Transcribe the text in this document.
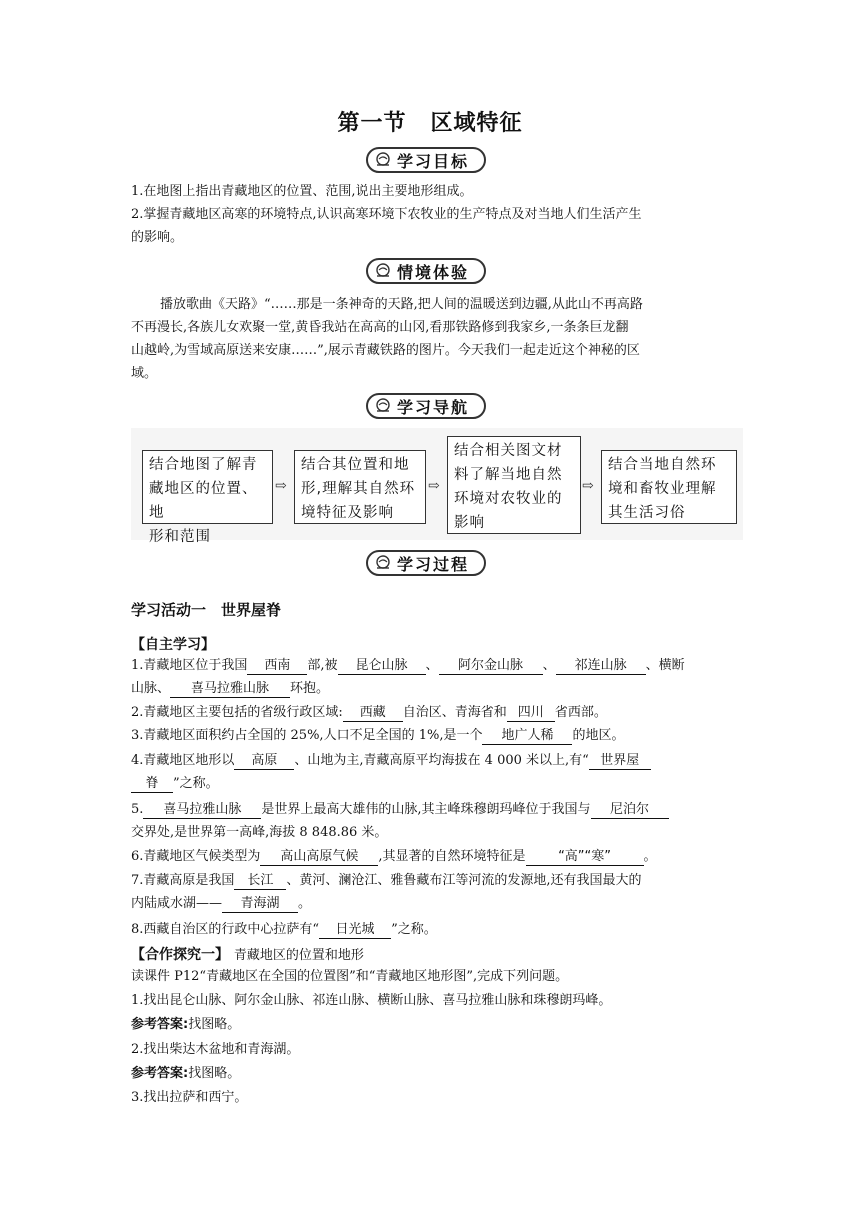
第一节 区域特征
学习目标
1.在地图上指出青藏地区的位置、范围,说出主要地形组成。
2.掌握青藏地区高寒的环境特点,认识高寒环境下农牧业的生产特点及对当地人们生活产生
的影响。
情境体验
播放歌曲《天路》“……那是一条神奇的天路,把人间的温暖送到边疆,从此山不再高路
不再漫长,各族儿女欢聚一堂,黄昏我站在高高的山冈,看那铁路修到我家乡,一条条巨龙翻
山越岭,为雪域高原送来安康……”,展示青藏铁路的图片。今天我们一起走近这个神秘的区
域。
学习导航
结合地图了解青
藏地区的位置、地
形和范围
⇨
结合其位置和地
形,理解其自然环
境特征及影响
⇨
结合相关图文材
料了解当地自然
环境对农牧业的
影响
⇨
结合当地自然环
境和畜牧业理解
其生活习俗
学习过程
学习活动一　世界屋脊
【自主学习】
1.青藏地区位于我国 西南 部,被 昆仑山脉 、 阿尔金山脉 、 祁连山脉 、横断
山脉、 喜马拉雅山脉 环抱。
2.青藏地区主要包括的省级行政区域: 西藏 自治区、青海省和 四川 省西部。
3.青藏地区面积约占全国的 25%,人口不足全国的 1%,是一个 地广人稀 的地区。
4.青藏地区地形以 高原 、山地为主,青藏高原平均海拔在 4 000 米以上,有“ 世界屋
脊 ”之称。
5. 喜马拉雅山脉 是世界上最高大雄伟的山脉,其主峰珠穆朗玛峰位于我国与 尼泊尔
交界处,是世界第一高峰,海拔 8 848.86 米。
6.青藏地区气候类型为 高山高原气候 ,其显著的自然环境特征是	“高”“寒”	。
7.青藏高原是我国 长江 、黄河、澜沧江、雅鲁藏布江等河流的发源地,还有我国最大的
内陆咸水湖—— 青海湖 。
8.西藏自治区的行政中心拉萨有“ 日光城 ”之称。
【合作探究一】 青藏地区的位置和地形
读课件 P12“青藏地区在全国的位置图”和“青藏地区地形图”,完成下列问题。
1.找出昆仑山脉、阿尔金山脉、祁连山脉、横断山脉、喜马拉雅山脉和珠穆朗玛峰。
参考答案:找图略。
2.找出柴达木盆地和青海湖。
参考答案:找图略。
3.找出拉萨和西宁。
